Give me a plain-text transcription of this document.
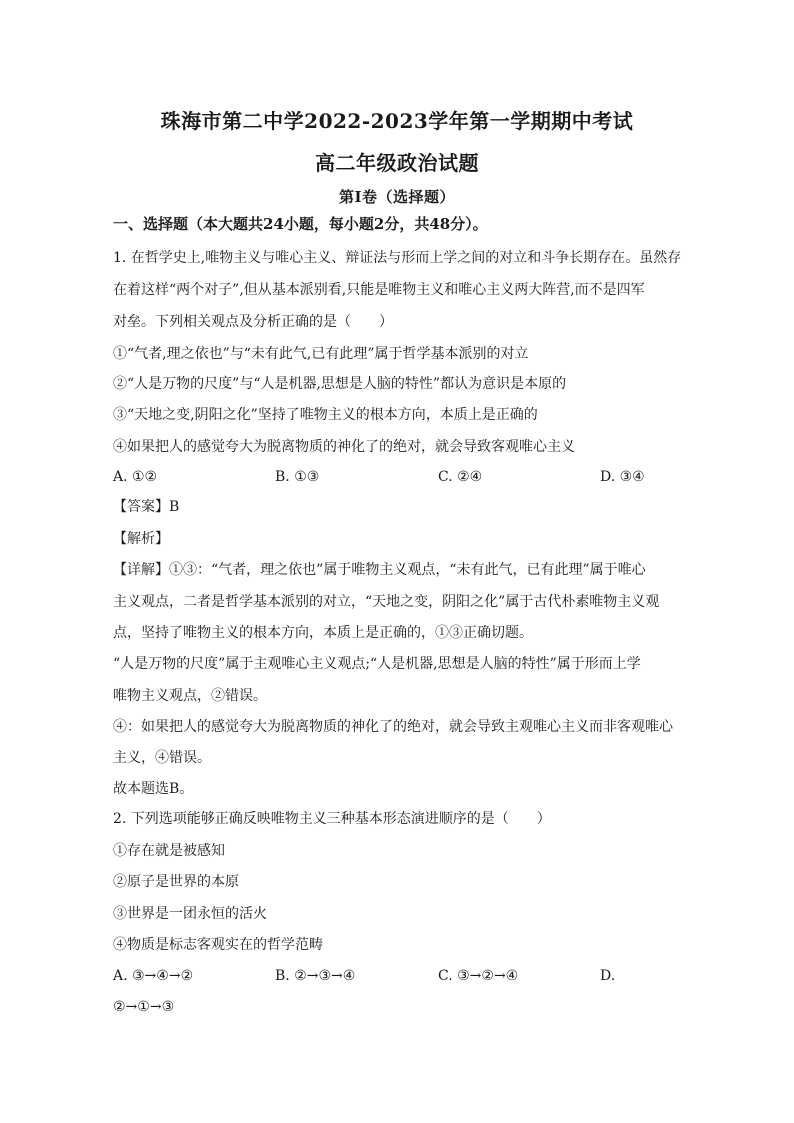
珠海市第二中学2022-2023学年第一学期期中考试
高二年级政治试题
第I卷（选择题）

一、选择题（本大题共24小题，每小题2分，共48分）。

1. 在哲学史上,唯物主义与唯心主义、辩证法与形而上学之间的对立和斗争长期存在。虽然存

在着这样“两个对子”,但从基本派别看,只能是唯物主义和唯心主义两大阵营,而不是四军

对垒。下列相关观点及分析正确的是（　　）

①“气者,理之依也”与“未有此气,已有此理”属于哲学基本派别的对立

②“人是万物的尺度”与“人是机器,思想是人脑的特性”都认为意识是本原的

③“天地之变,阴阳之化”坚持了唯物主义的根本方向，本质上是正确的

④如果把人的感觉夸大为脱离物质的神化了的绝对，就会导致客观唯心主义

A. ①②	B. ①③	C. ②④	D. ③④

【答案】B

【解析】

【详解】①③：“气者，理之依也”属于唯物主义观点，“未有此气，已有此理”属于唯心

主义观点，二者是哲学基本派别的对立，“天地之变，阴阳之化”属于古代朴素唯物主义观

点，坚持了唯物主义的根本方向，本质上是正确的，①③正确切题。

“人是万物的尺度”属于主观唯心主义观点;“人是机器,思想是人脑的特性”属于形而上学

唯物主义观点，②错误。

④：如果把人的感觉夸大为脱离物质的神化了的绝对，就会导致主观唯心主义而非客观唯心

主义，④错误。

故本题选B。

2. 下列选项能够正确反映唯物主义三种基本形态演进顺序的是（　　）

①存在就是被感知

②原子是世界的本原

③世界是一团永恒的活火

④物质是标志客观实在的哲学范畴

A. ③→④→②	B. ②→③→④	C. ③→②→④	D.

②→①→③
